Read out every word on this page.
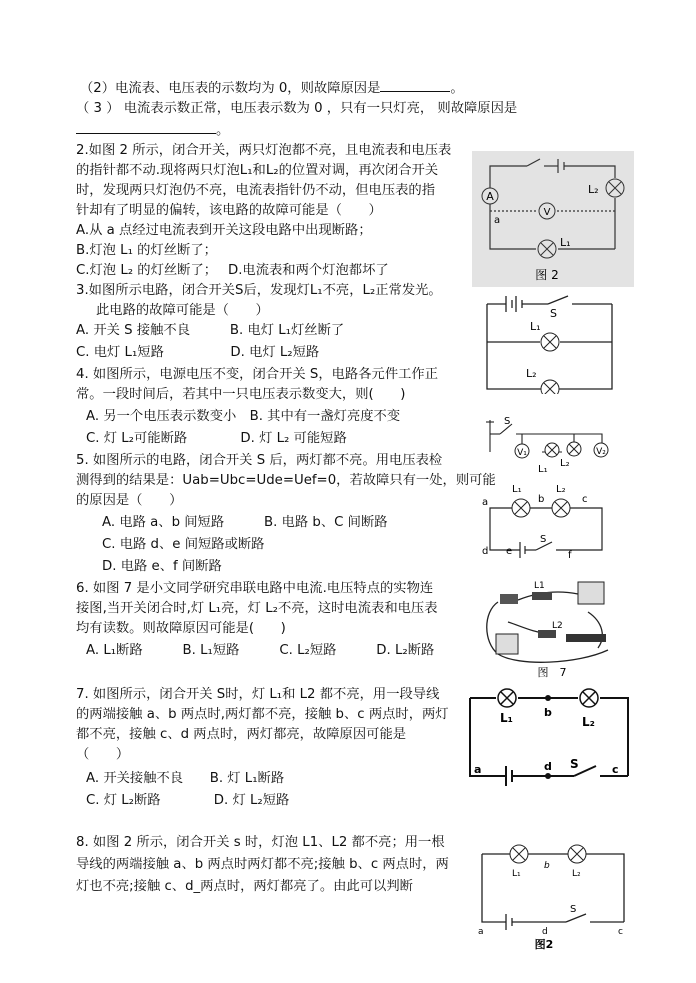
（2）电流表、电压表的示数均为 0，则故障原因是	。
（ 3 ） 电流表示数正常，电压表示数为 0 ，只有一只灯亮， 则故障原因是
。
2.如图 2 所示，闭合开关，两只灯泡都不亮，且电流表和电压表
的指针都不动.现将两只灯泡L₁和L₂的位置对调，再次闭合开关
时，发现两只灯泡仍不亮，电流表指针仍不动，但电压表的指
针却有了明显的偏转，该电路的故障可能是（　　）
A.从 a 点经过电流表到开关这段电路中出现断路；
B.灯泡 L₁ 的灯丝断了；
C.灯泡 L₂ 的灯丝断了；　 D.电流表和两个灯泡都坏了
3.如图所示电路，闭合开关S后，发现灯L₁不亮，L₂正常发光。
此电路的故障可能是（　　）
A. 开关 S 接触不良　　　B. 电灯 L₁灯丝断了
C. 电灯 L₁短路　　　　　D. 电灯 L₂短路
4. 如图所示，电源电压不变，闭合开关 S，电路各元件工作正
常。一段时间后，若其中一只电压表示数变大，则(　　)
A. 另一个电压表示数变小　B. 其中有一盏灯亮度不变
C. 灯 L₂可能断路　　　　D. 灯 L₂ 可能短路
5. 如图所示的电路，闭合开关 S 后，两灯都不亮。用电压表检
测得到的结果是：Uab=Ubc=Ude=Uef=0，若故障只有一处，则可能
的原因是（　　）
A. 电路 a、b 间短路　　　B. 电路 b、C 间断路
C. 电路 d、e 间短路或断路
D. 电路 e、f 间断路
6. 如图 7 是小文同学研究串联电路中电流.电压特点的实物连
接图,当开关闭合时,灯 L₁亮，灯 L₂不亮，这时电流表和电压表
均有读数。则故障原因可能是(　　)
A. L₁断路　　　B. L₁短路　　　C. L₂短路　　　D. L₂断路
7. 如图所示，闭合开关 S时，灯 L₁和 L2 都不亮，用一段导线
的两端接触 a、b 两点时,两灯都不亮，接触 b、c 两点时，两灯
都不亮，接触 c、d 两点时，两灯都亮，故障原因可能是
（　　）
A. 开关接触不良　　B. 灯 L₁断路
C. 灯 L₂断路　　　　D. 灯 L₂短路
8. 如图 2 所示，闭合开关 s 时，灯泡 L1、L2 都不亮；用一根
导线的两端接触 a、b 两点时两灯都不亮;接触 b、c 两点时，两
灯也不亮;接触 c、d_两点时，两灯都亮了。由此可以判断
A
L₂
V
a
L₁
图 2
S
L₁
L₂
V₁	V₂
S
L₁
L₂
L₁	L₂
a	b	c
d e
S
f
L1
L2
图　7
L₁	b
L₂
a	d S	c
L₁
b
L₂
S
a	d	c
图2
